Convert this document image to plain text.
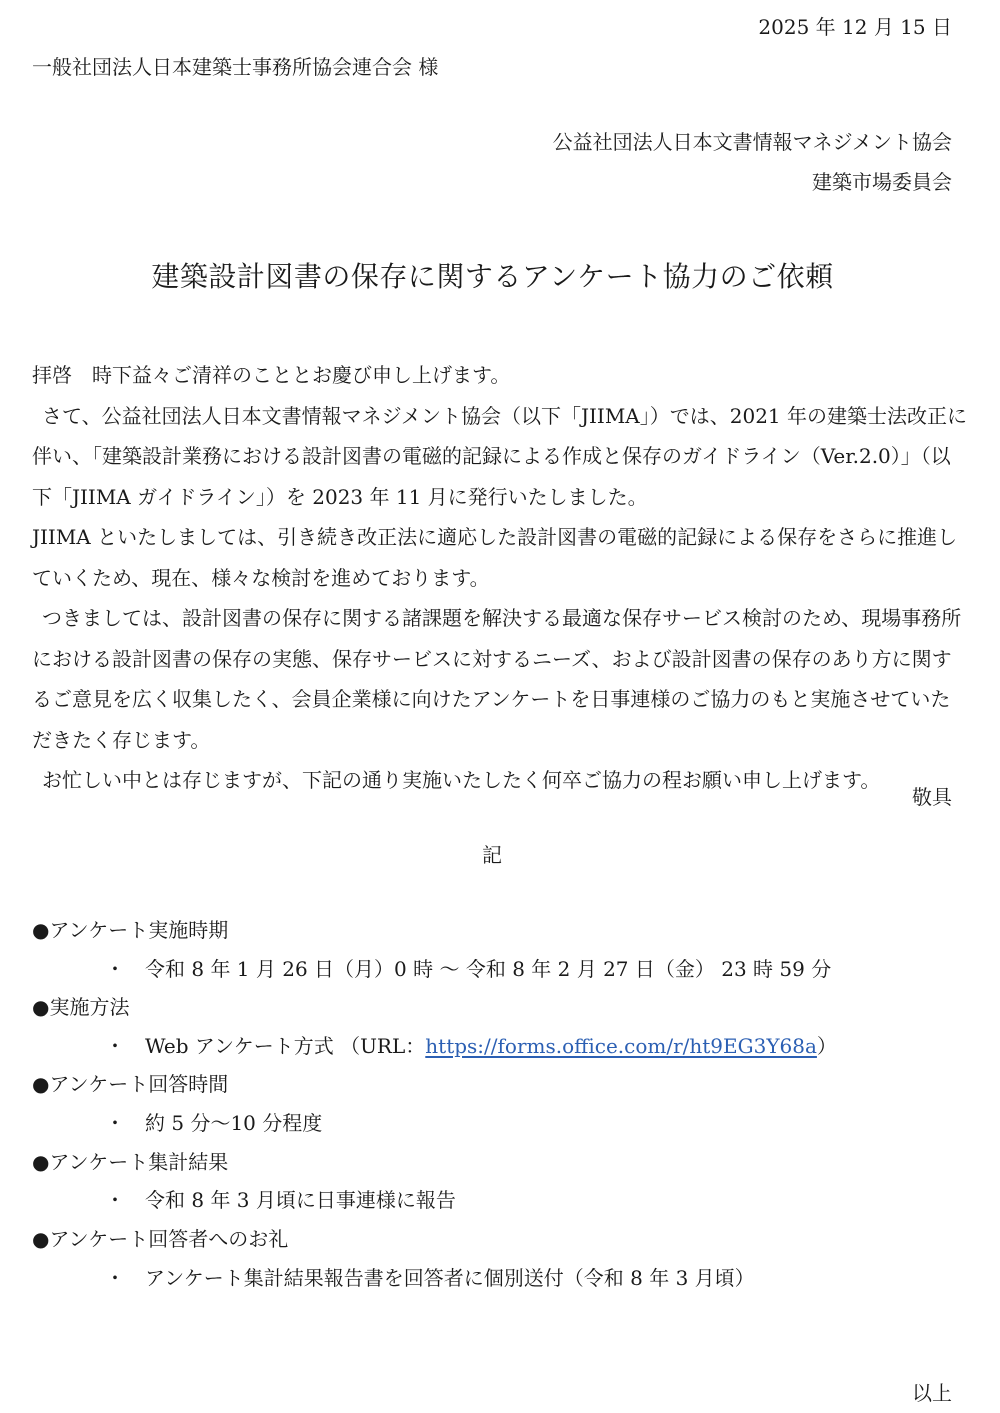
2025 年 12 月 15 日
一般社団法人日本建築士事務所協会連合会 様
公益社団法人日本文書情報マネジメント協会
建築市場委員会
建築設計図書の保存に関するアンケート協力のご依頼

拝啓　時下益々ご清祥のこととお慶び申し上げます。

さて、公益社団法人日本文書情報マネジメント協会（以下「JIIMA」）では、2021 年の建築士法改正に伴い、「建築設計業務における設計図書の電磁的記録による作成と保存のガイドライン（Ver.2.0）」（以下「JIIMA ガイドライン」）を 2023 年 11 月に発行いたしました。

JIIMA といたしましては、引き続き改正法に適応した設計図書の電磁的記録による保存をさらに推進していくため、現在、様々な検討を進めております。

つきましては、設計図書の保存に関する諸課題を解決する最適な保存サービス検討のため、現場事務所における設計図書の保存の実態、保存サービスに対するニーズ、および設計図書の保存のあり方に関するご意見を広く収集したく、会員企業様に向けたアンケートを日事連様のご協力のもと実施させていただきたく存じます。

お忙しい中とは存じますが、下記の通り実施いたしたく何卒ご協力の程お願い申し上げます。

敬具
記
●アンケート実施時期
・ 令和 8 年 1 月 26 日（月）0 時 ～ 令和 8 年 2 月 27 日（金） 23 時 59 分
●実施方法
・ Web アンケート方式 （URL：https://forms.office.com/r/ht9EG3Y68a）
●アンケート回答時間
・ 約 5 分～10 分程度
●アンケート集計結果
・ 令和 8 年 3 月頃に日事連様に報告
●アンケート回答者へのお礼
・ アンケート集計結果報告書を回答者に個別送付（令和 8 年 3 月頃）
以上
